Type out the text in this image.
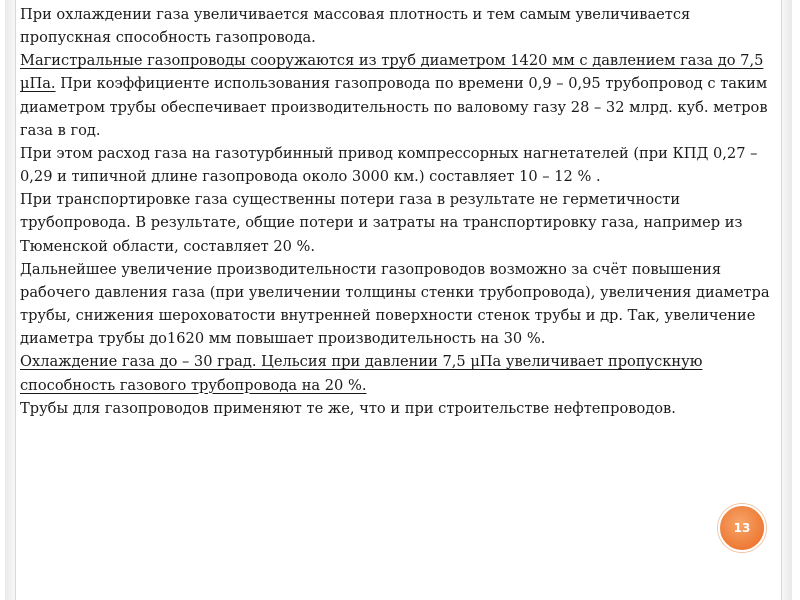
При охлаждении газа увеличивается массовая плотность и тем самым увеличивается пропускная способность газопровода.

Магистральные газопроводы сооружаются из труб диаметром 1420 мм с давлением газа до 7,5 μПа. При коэффициенте использования газопровода по времени 0,9 – 0,95 трубопровод с таким диаметром трубы обеспечивает производительность по валовому газу 28 – 32 млрд. куб. метров газа в год.

При этом расход газа на газотурбинный привод компрессорных нагнетателей (при КПД 0,27 – 0,29 и типичной длине газопровода около 3000 км.) составляет 10 – 12 % .

При транспортировке газа существенны потери газа в результате не герметичности трубопровода. В результате, общие потери и затраты на транспортировку газа, например из Тюменской области, составляет 20 %.

Дальнейшее увеличение производительности газопроводов возможно за счёт повышения рабочего давления газа (при увеличении толщины стенки трубопровода), увеличения диаметра трубы, снижения шероховатости внутренней поверхности стенок трубы и др. Так, увеличение диаметра трубы до1620 мм повышает производительность на 30 %.

Охлаждение газа до – 30 град. Цельсия при давлении 7,5 μПа увеличивает пропускную способность газового трубопровода на 20 %.

Трубы для газопроводов применяют те же, что и при строительстве нефтепроводов.

13
